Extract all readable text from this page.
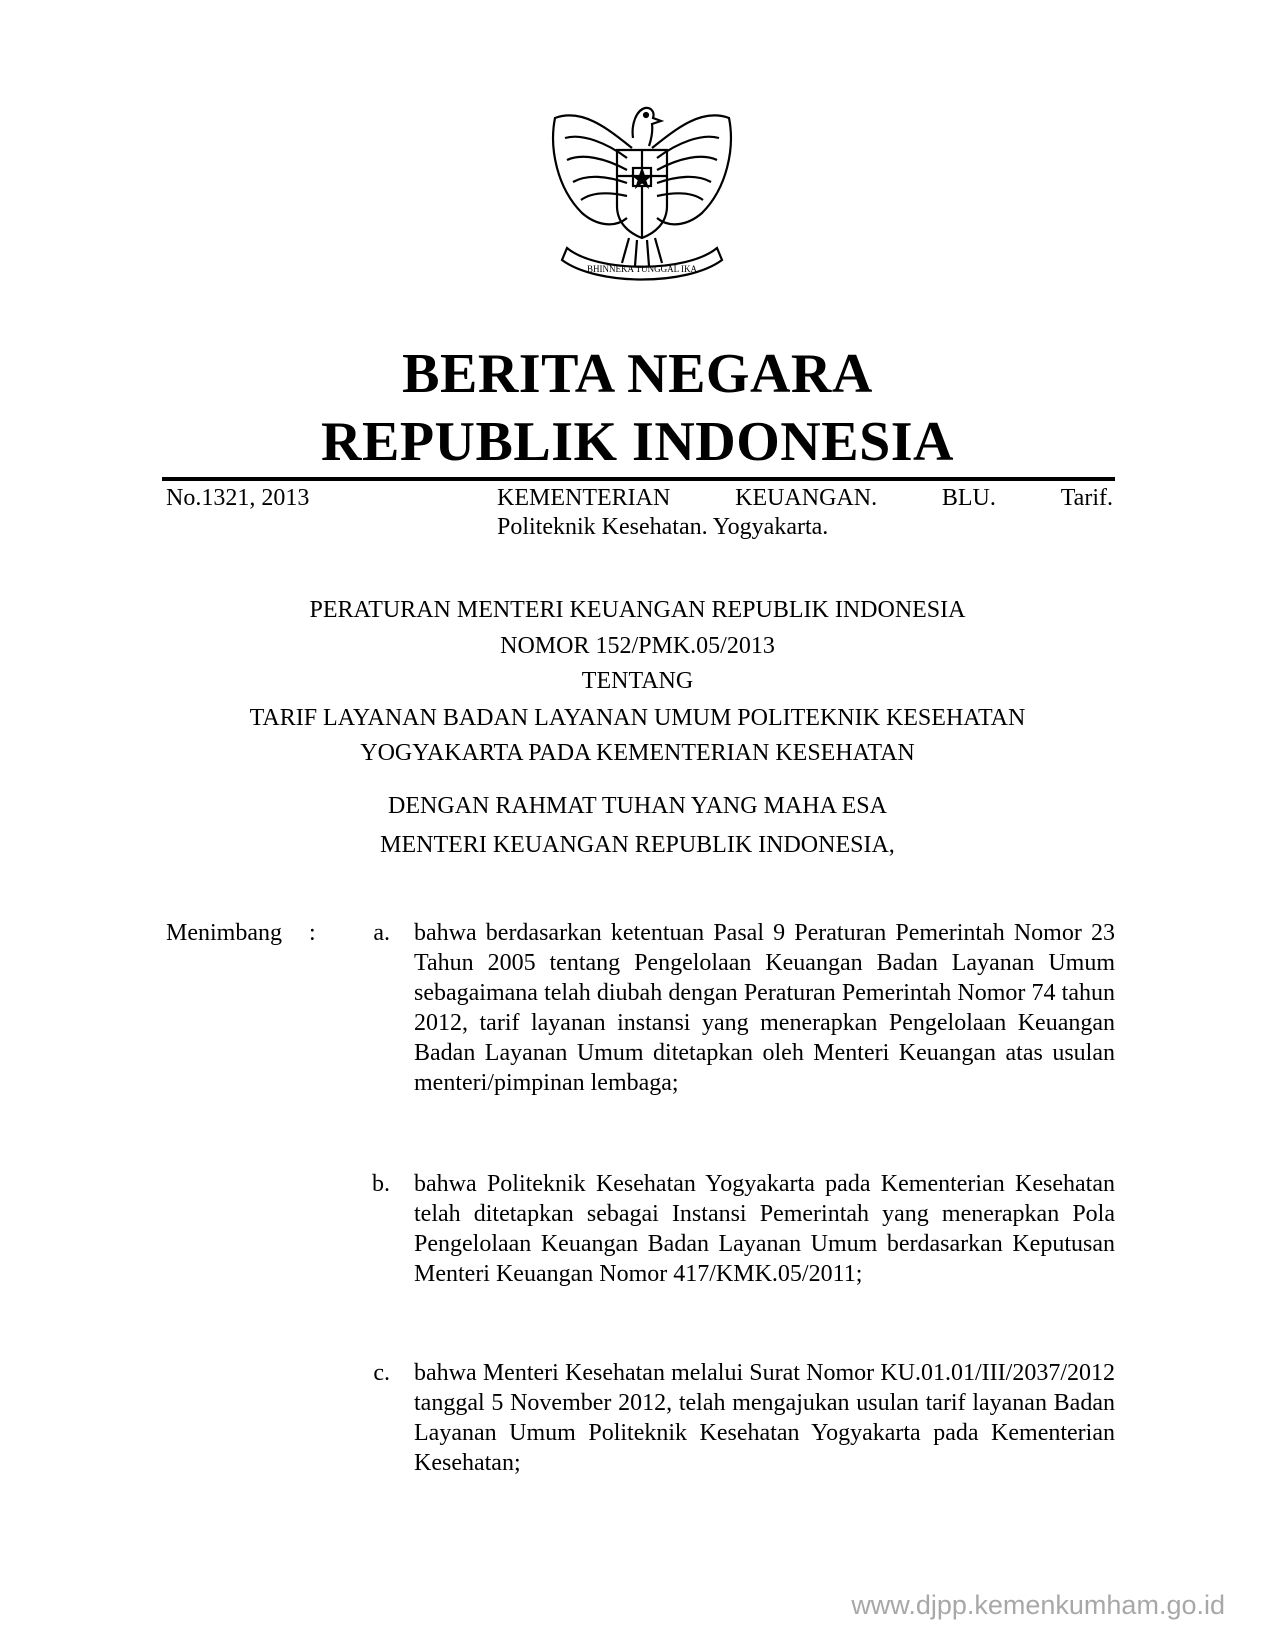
BHINNEKA TUNGGAL IKA
BERITA NEGARA
REPUBLIK INDONESIA
No.1321, 2013	KEMENTERIAN	KEUANGAN.	BLU.	Tarif.
Politeknik Kesehatan. Yogyakarta.
PERATURAN MENTERI KEUANGAN REPUBLIK INDONESIA
NOMOR 152/PMK.05/2013
TENTANG
TARIF LAYANAN BADAN LAYANAN UMUM POLITEKNIK KESEHATAN
YOGYAKARTA PADA KEMENTERIAN KESEHATAN
DENGAN RAHMAT TUHAN YANG MAHA ESA
MENTERI KEUANGAN REPUBLIK INDONESIA,
Menimbang :	a. bahwa berdasarkan ketentuan Pasal 9 Peraturan Pemerintah Nomor 23 Tahun 2005 tentang Pengelolaan Keuangan Badan Layanan Umum sebagaimana telah diubah dengan Peraturan Pemerintah Nomor 74 tahun 2012, tarif layanan instansi yang menerapkan Pengelolaan Keuangan Badan Layanan Umum ditetapkan oleh Menteri Keuangan atas usulan menteri/pimpinan lembaga;
b. bahwa Politeknik Kesehatan Yogyakarta pada Kementerian Kesehatan telah ditetapkan sebagai Instansi Pemerintah yang menerapkan Pola Pengelolaan Keuangan Badan Layanan Umum berdasarkan Keputusan Menteri Keuangan Nomor 417/KMK.05/2011;
c. bahwa Menteri Kesehatan melalui Surat Nomor KU.01.01/III/2037/2012 tanggal 5 November 2012, telah mengajukan usulan tarif layanan Badan Layanan Umum Politeknik Kesehatan Yogyakarta pada Kementerian Kesehatan;
www.djpp.kemenkumham.go.id
